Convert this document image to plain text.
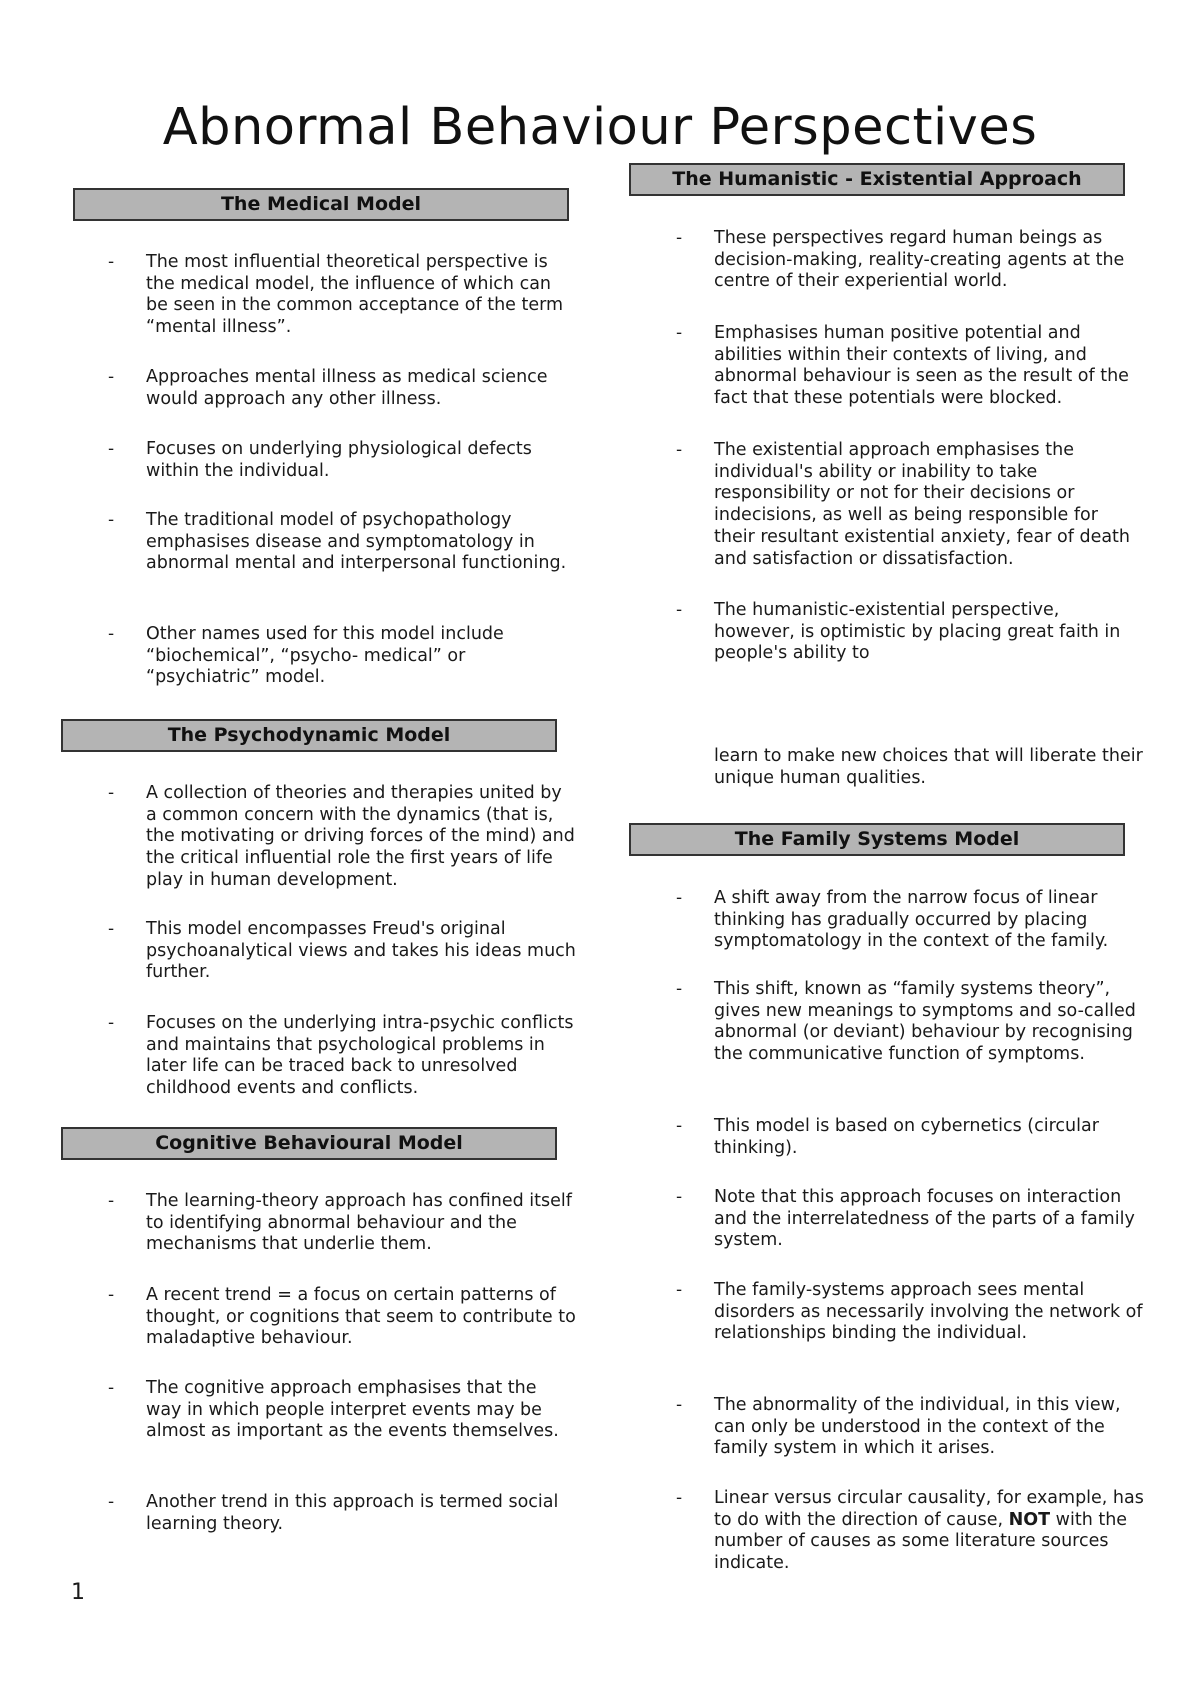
Abnormal Behaviour Perspectives
The Medical Model
- The most influential theoretical perspective is the medical model, the influence of which can be seen in the common acceptance of the term “mental illness”.
- Approaches mental illness as medical science would approach any other illness.
- Focuses on underlying physiological defects within the individual.
- The traditional model of psychopathology emphasises disease and symptomatology in abnormal mental and interpersonal functioning.
- Other names used for this model include “biochemical”, “psycho- medical” or “psychiatric” model.
The Psychodynamic Model
- A collection of theories and therapies united by a common concern with the dynamics (that is, the motivating or driving forces of the mind) and the critical influential role the first years of life play in human development.
- This model encompasses Freud's original psychoanalytical views and takes his ideas much further.
- Focuses on the underlying intra-psychic conflicts and maintains that psychological problems in later life can be traced back to unresolved childhood events and conflicts.
Cognitive Behavioural Model
- The learning-theory approach has confined itself to identifying abnormal behaviour and the mechanisms that underlie them.
- A recent trend = a focus on certain patterns of thought, or cognitions that seem to contribute to maladaptive behaviour.
- The cognitive approach emphasises that the way in which people interpret events may be almost as important as the events themselves.
- Another trend in this approach is termed social learning theory.
The Humanistic - Existential Approach
- These perspectives regard human beings as decision-making, reality-creating agents at the centre of their experiential world.
- Emphasises human positive potential and abilities within their contexts of living, and abnormal behaviour is seen as the result of the fact that these potentials were blocked.
- The existential approach emphasises the individual's ability or inability to take responsibility or not for their decisions or indecisions, as well as being responsible for their resultant existential anxiety, fear of death and satisfaction or dissatisfaction.
- The humanistic-existential perspective, however, is optimistic by placing great faith in people's ability to
learn to make new choices that will liberate their unique human qualities.
The Family Systems Model
- A shift away from the narrow focus of linear thinking has gradually occurred by placing symptomatology in the context of the family.
- This shift, known as “family systems theory”, gives new meanings to symptoms and so-called abnormal (or deviant) behaviour by recognising the communicative function of symptoms.
- This model is based on cybernetics (circular thinking).
- Note that this approach focuses on interaction and the interrelatedness of the parts of a family system.
- The family-systems approach sees mental disorders as necessarily involving the network of relationships binding the individual.
- The abnormality of the individual, in this view, can only be understood in the context of the family system in which it arises.
- Linear versus circular causality, for example, has to do with the direction of cause, NOT with the number of causes as some literature sources indicate.
1
